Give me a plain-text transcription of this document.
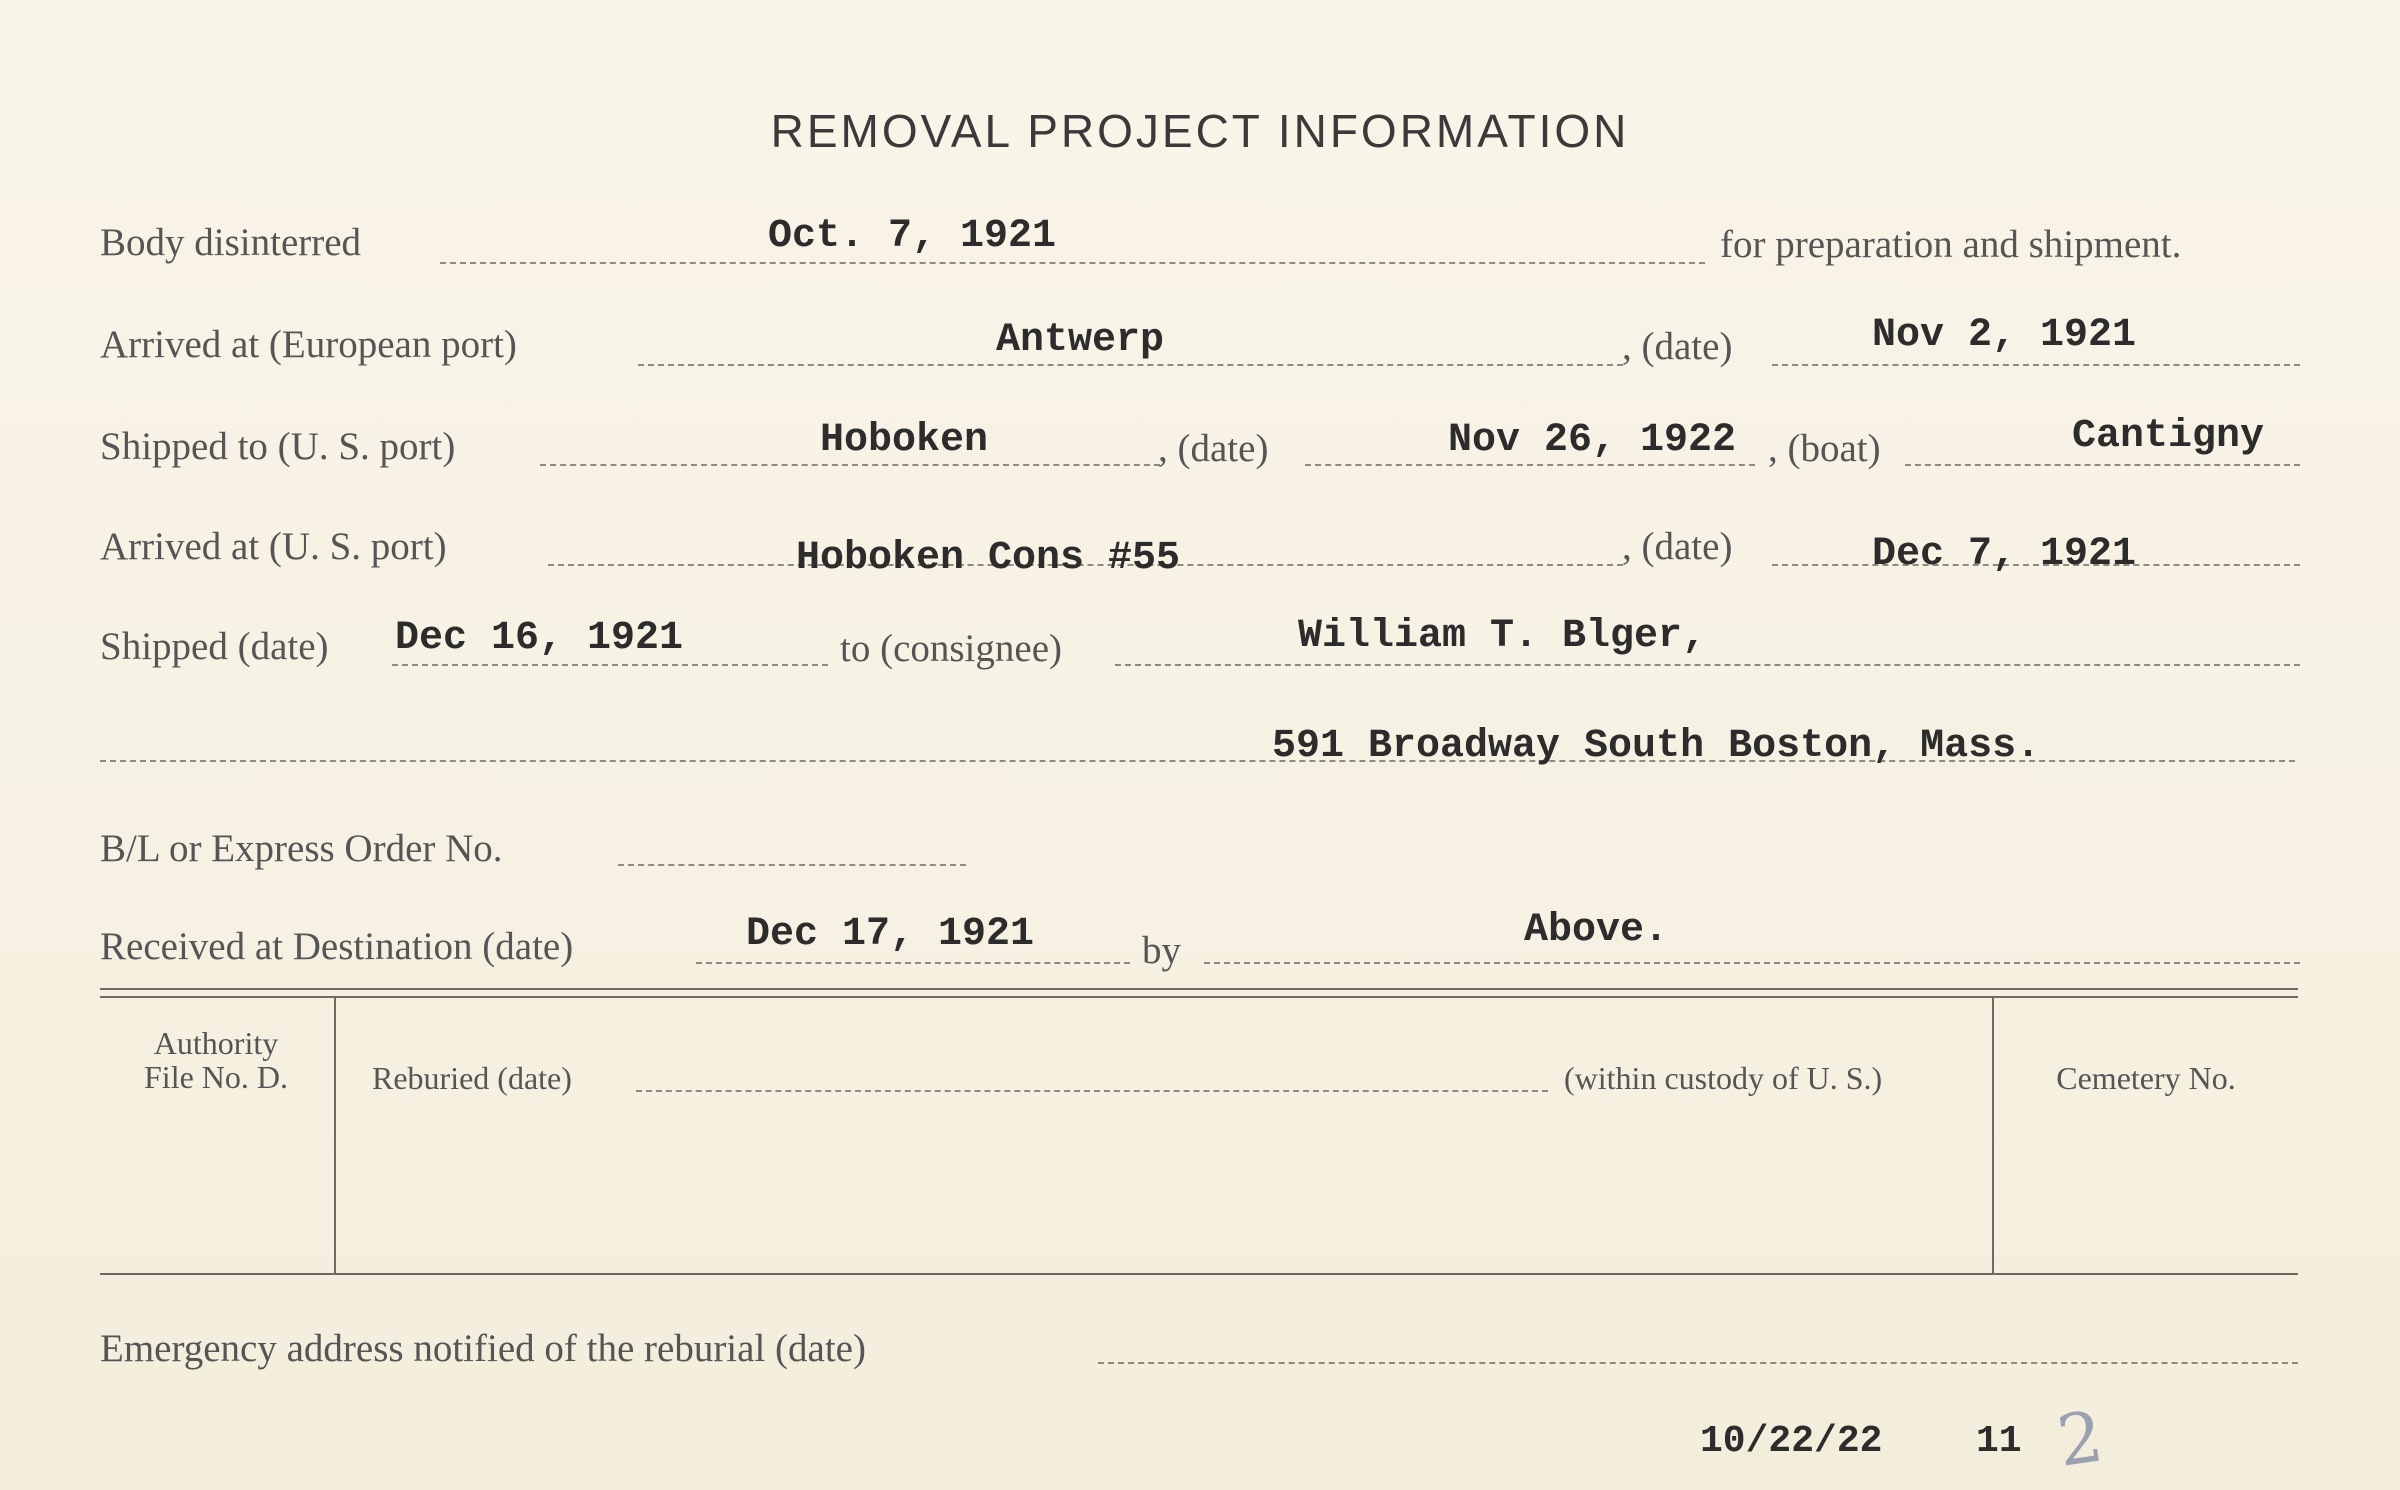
REMOVAL PROJECT INFORMATION
Body disinterred	Oct. 7, 1921	for preparation and shipment.
Arrived at (European port)	Antwerp	, (date)	Nov 2, 1921
Shipped to (U. S. port)	Hoboken	, (date)	Nov 26, 1922 , (boat)	Cantigny
Arrived at (U. S. port)	Hoboken Cons #55	, (date)	Dec 7, 1921
Shipped (date) Dec 16, 1921	to (consignee)	William T. Blger,
591 Broadway South Boston, Mass.
B/L or Express Order No.
Received at Destination (date)	Dec 17, 1921	by	Above.
Authority
File No. D.	Reburied (date)	(within custody of U. S.)	Cemetery No.
Emergency address notified of the reburial (date)
10/22/22 11 2
